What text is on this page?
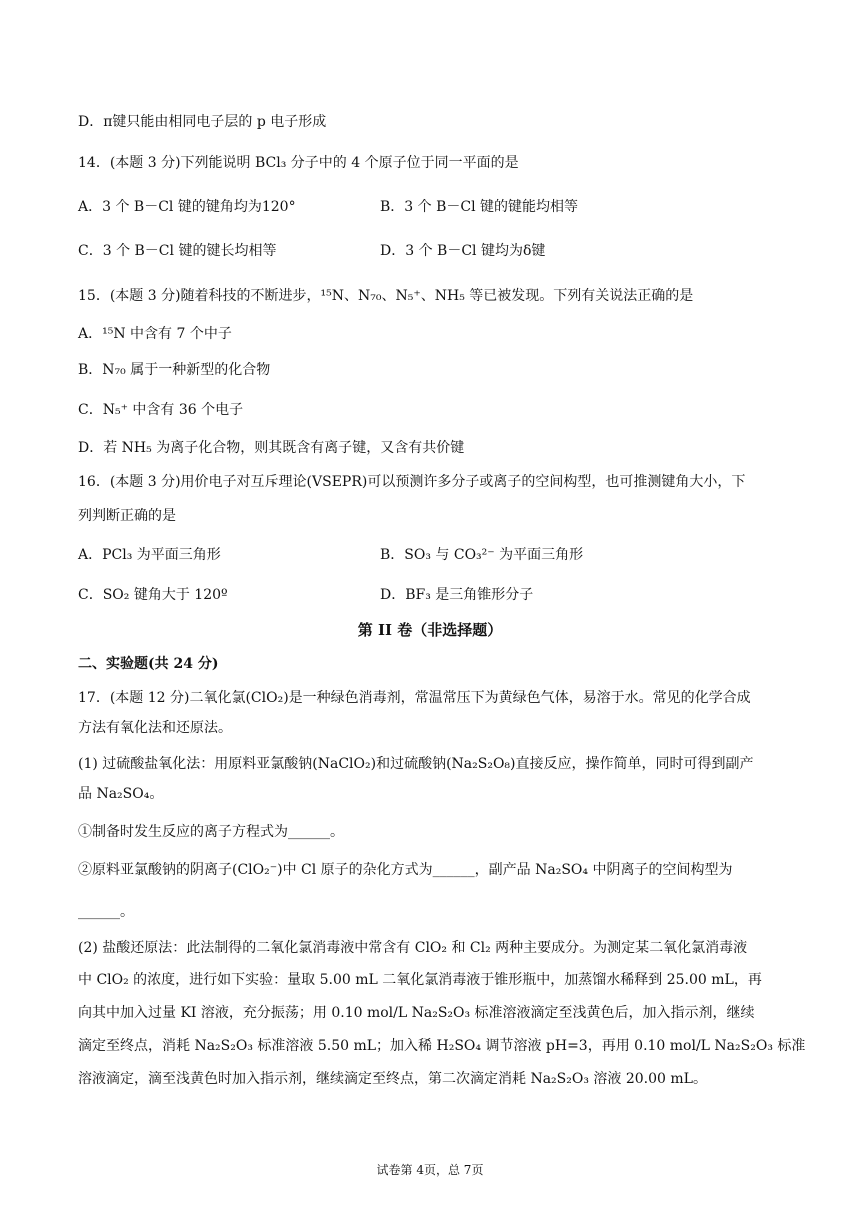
D．π键只能由相同电子层的 p 电子形成
14．(本题 3 分)下列能说明 BCl₃ 分子中的 4 个原子位于同一平面的是
A．3 个 B－Cl 键的键角均为120°	B．3 个 B－Cl 键的键能均相等
C．3 个 B－Cl 键的键长均相等	D．3 个 B－Cl 键均为δ键
15．(本题 3 分)随着科技的不断进步，¹⁵N、N₇₀、N₅⁺、NH₅ 等已被发现。下列有关说法正确的是
A．¹⁵N 中含有 7 个中子
B．N₇₀ 属于一种新型的化合物
C．N₅⁺ 中含有 36 个电子
D．若 NH₅ 为离子化合物，则其既含有离子键，又含有共价键
16．(本题 3 分)用价电子对互斥理论(VSEPR)可以预测许多分子或离子的空间构型，也可推测键角大小，下
列判断正确的是
A．PCl₃ 为平面三角形	B．SO₃ 与 CO₃²⁻ 为平面三角形
C．SO₂ 键角大于 120º	D．BF₃ 是三角锥形分子
第 II 卷（非选择题）
二、实验题(共 24 分)
17．(本题 12 分)二氧化氯(ClO₂)是一种绿色消毒剂，常温常压下为黄绿色气体，易溶于水。常见的化学合成
方法有氧化法和还原法。
(1) 过硫酸盐氧化法：用原料亚氯酸钠(NaClO₂)和过硫酸钠(Na₂S₂O₈)直接反应，操作简单，同时可得到副产
品 Na₂SO₄。
①制备时发生反应的离子方程式为______。
②原料亚氯酸钠的阴离子(ClO₂⁻)中 Cl 原子的杂化方式为______，副产品 Na₂SO₄ 中阴离子的空间构型为
______。
(2) 盐酸还原法：此法制得的二氧化氯消毒液中常含有 ClO₂ 和 Cl₂ 两种主要成分。为测定某二氧化氯消毒液
中 ClO₂ 的浓度，进行如下实验：量取 5.00 mL 二氧化氯消毒液于锥形瓶中，加蒸馏水稀释到 25.00 mL，再
向其中加入过量 KI 溶液，充分振荡；用 0.10 mol/L Na₂S₂O₃ 标准溶液滴定至浅黄色后，加入指示剂，继续
滴定至终点，消耗 Na₂S₂O₃ 标准溶液 5.50 mL；加入稀 H₂SO₄ 调节溶液 pH=3，再用 0.10 mol/L Na₂S₂O₃ 标准
溶液滴定，滴至浅黄色时加入指示剂，继续滴定至终点，第二次滴定消耗 Na₂S₂O₃ 溶液 20.00 mL。
试卷第 4页，总 7页
